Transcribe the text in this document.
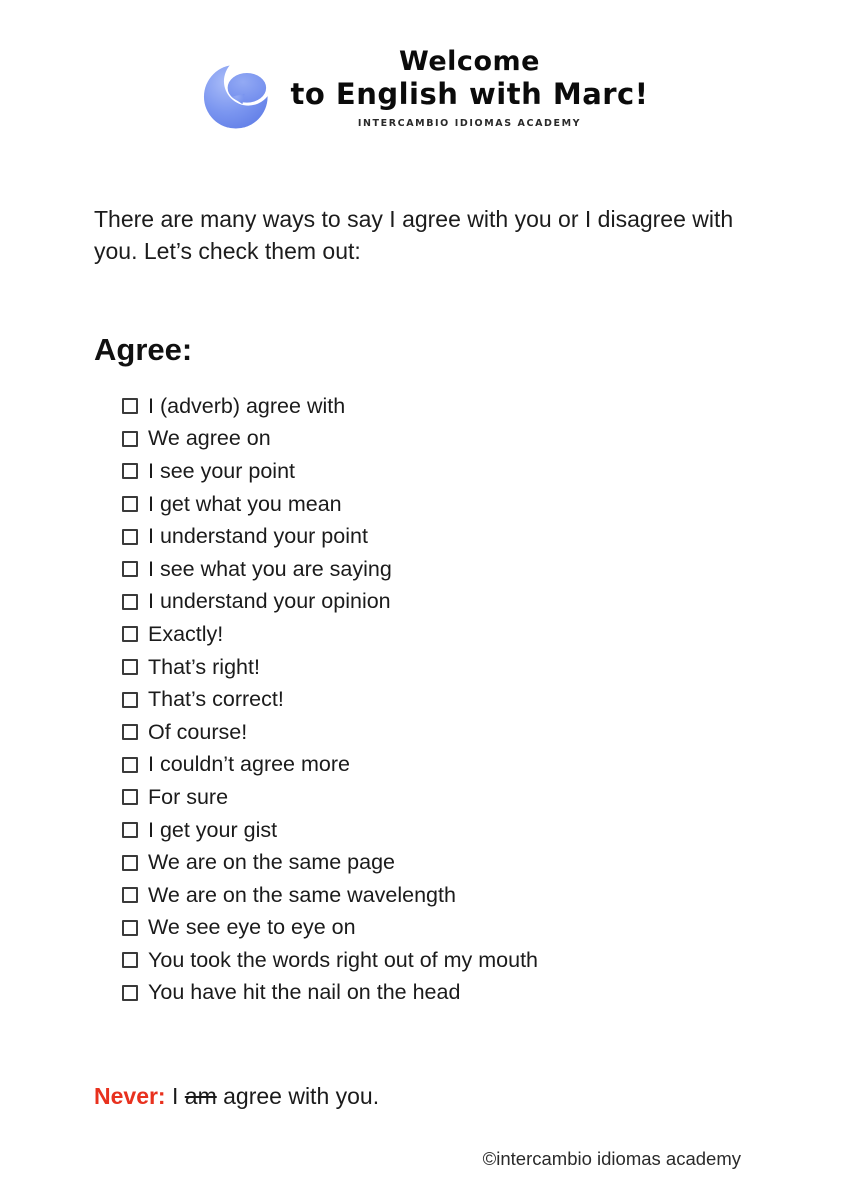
Welcome
to English with Marc!
INTERCAMBIO IDIOMAS ACADEMY
There are many ways to say I agree with you or I disagree with you. Let’s check them out:
Agree:
I (adverb) agree with
We agree on
I see your point
I get what you mean
I understand your point
I see what you are saying
I understand your opinion
Exactly!
That’s right!
That’s correct!
Of course!
I couldn’t agree more
For sure
I get your gist
We are on the same page
We are on the same wavelength
We see eye to eye on
You took the words right out of my mouth
You have hit the nail on the head
Never: I am agree with you.
©intercambio idiomas academy
